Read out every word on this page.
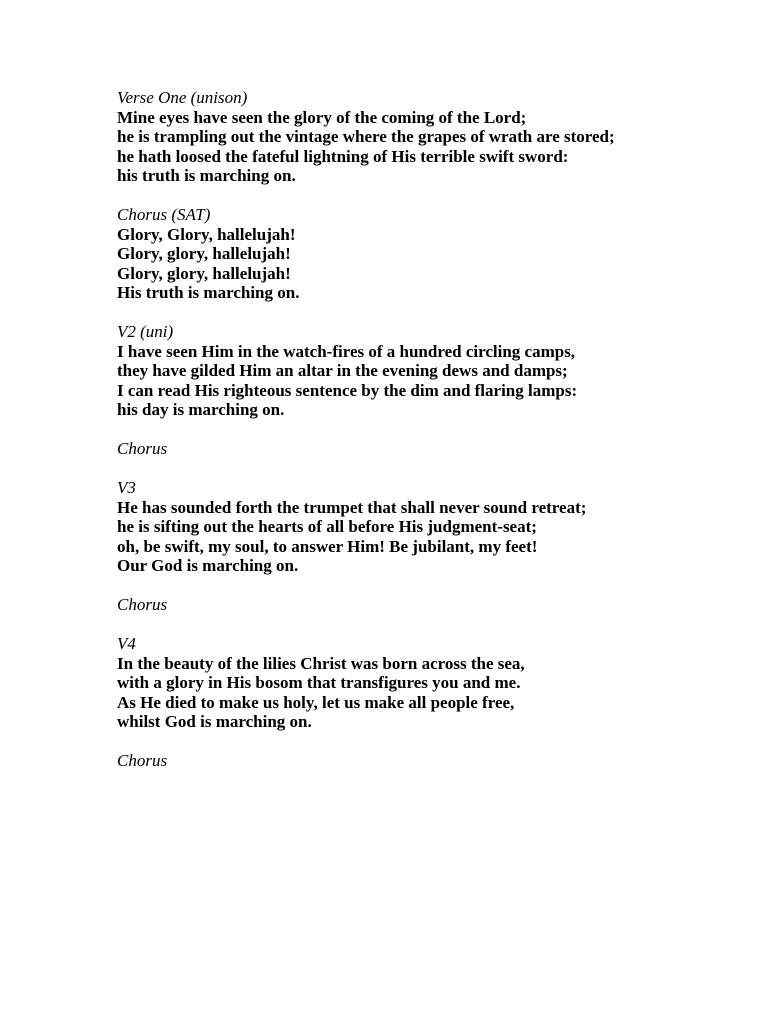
Verse One (unison)
Mine eyes have seen the glory of the coming of the Lord;
he is trampling out the vintage where the grapes of wrath are stored;
he hath loosed the fateful lightning of His terrible swift sword:
his truth is marching on.
Chorus (SAT)
Glory, Glory, hallelujah!
Glory, glory, hallelujah!
Glory, glory, hallelujah!
His truth is marching on.
V2 (uni)
I have seen Him in the watch-fires of a hundred circling camps,
they have gilded Him an altar in the evening dews and damps;
I can read His righteous sentence by the dim and flaring lamps:
his day is marching on.
Chorus
V3
He has sounded forth the trumpet that shall never sound retreat;
he is sifting out the hearts of all before His judgment-seat;
oh, be swift, my soul, to answer Him! Be jubilant, my feet!
Our God is marching on.
Chorus
V4
In the beauty of the lilies Christ was born across the sea,
with a glory in His bosom that transfigures you and me.
As He died to make us holy, let us make all people free,
whilst God is marching on.
Chorus
